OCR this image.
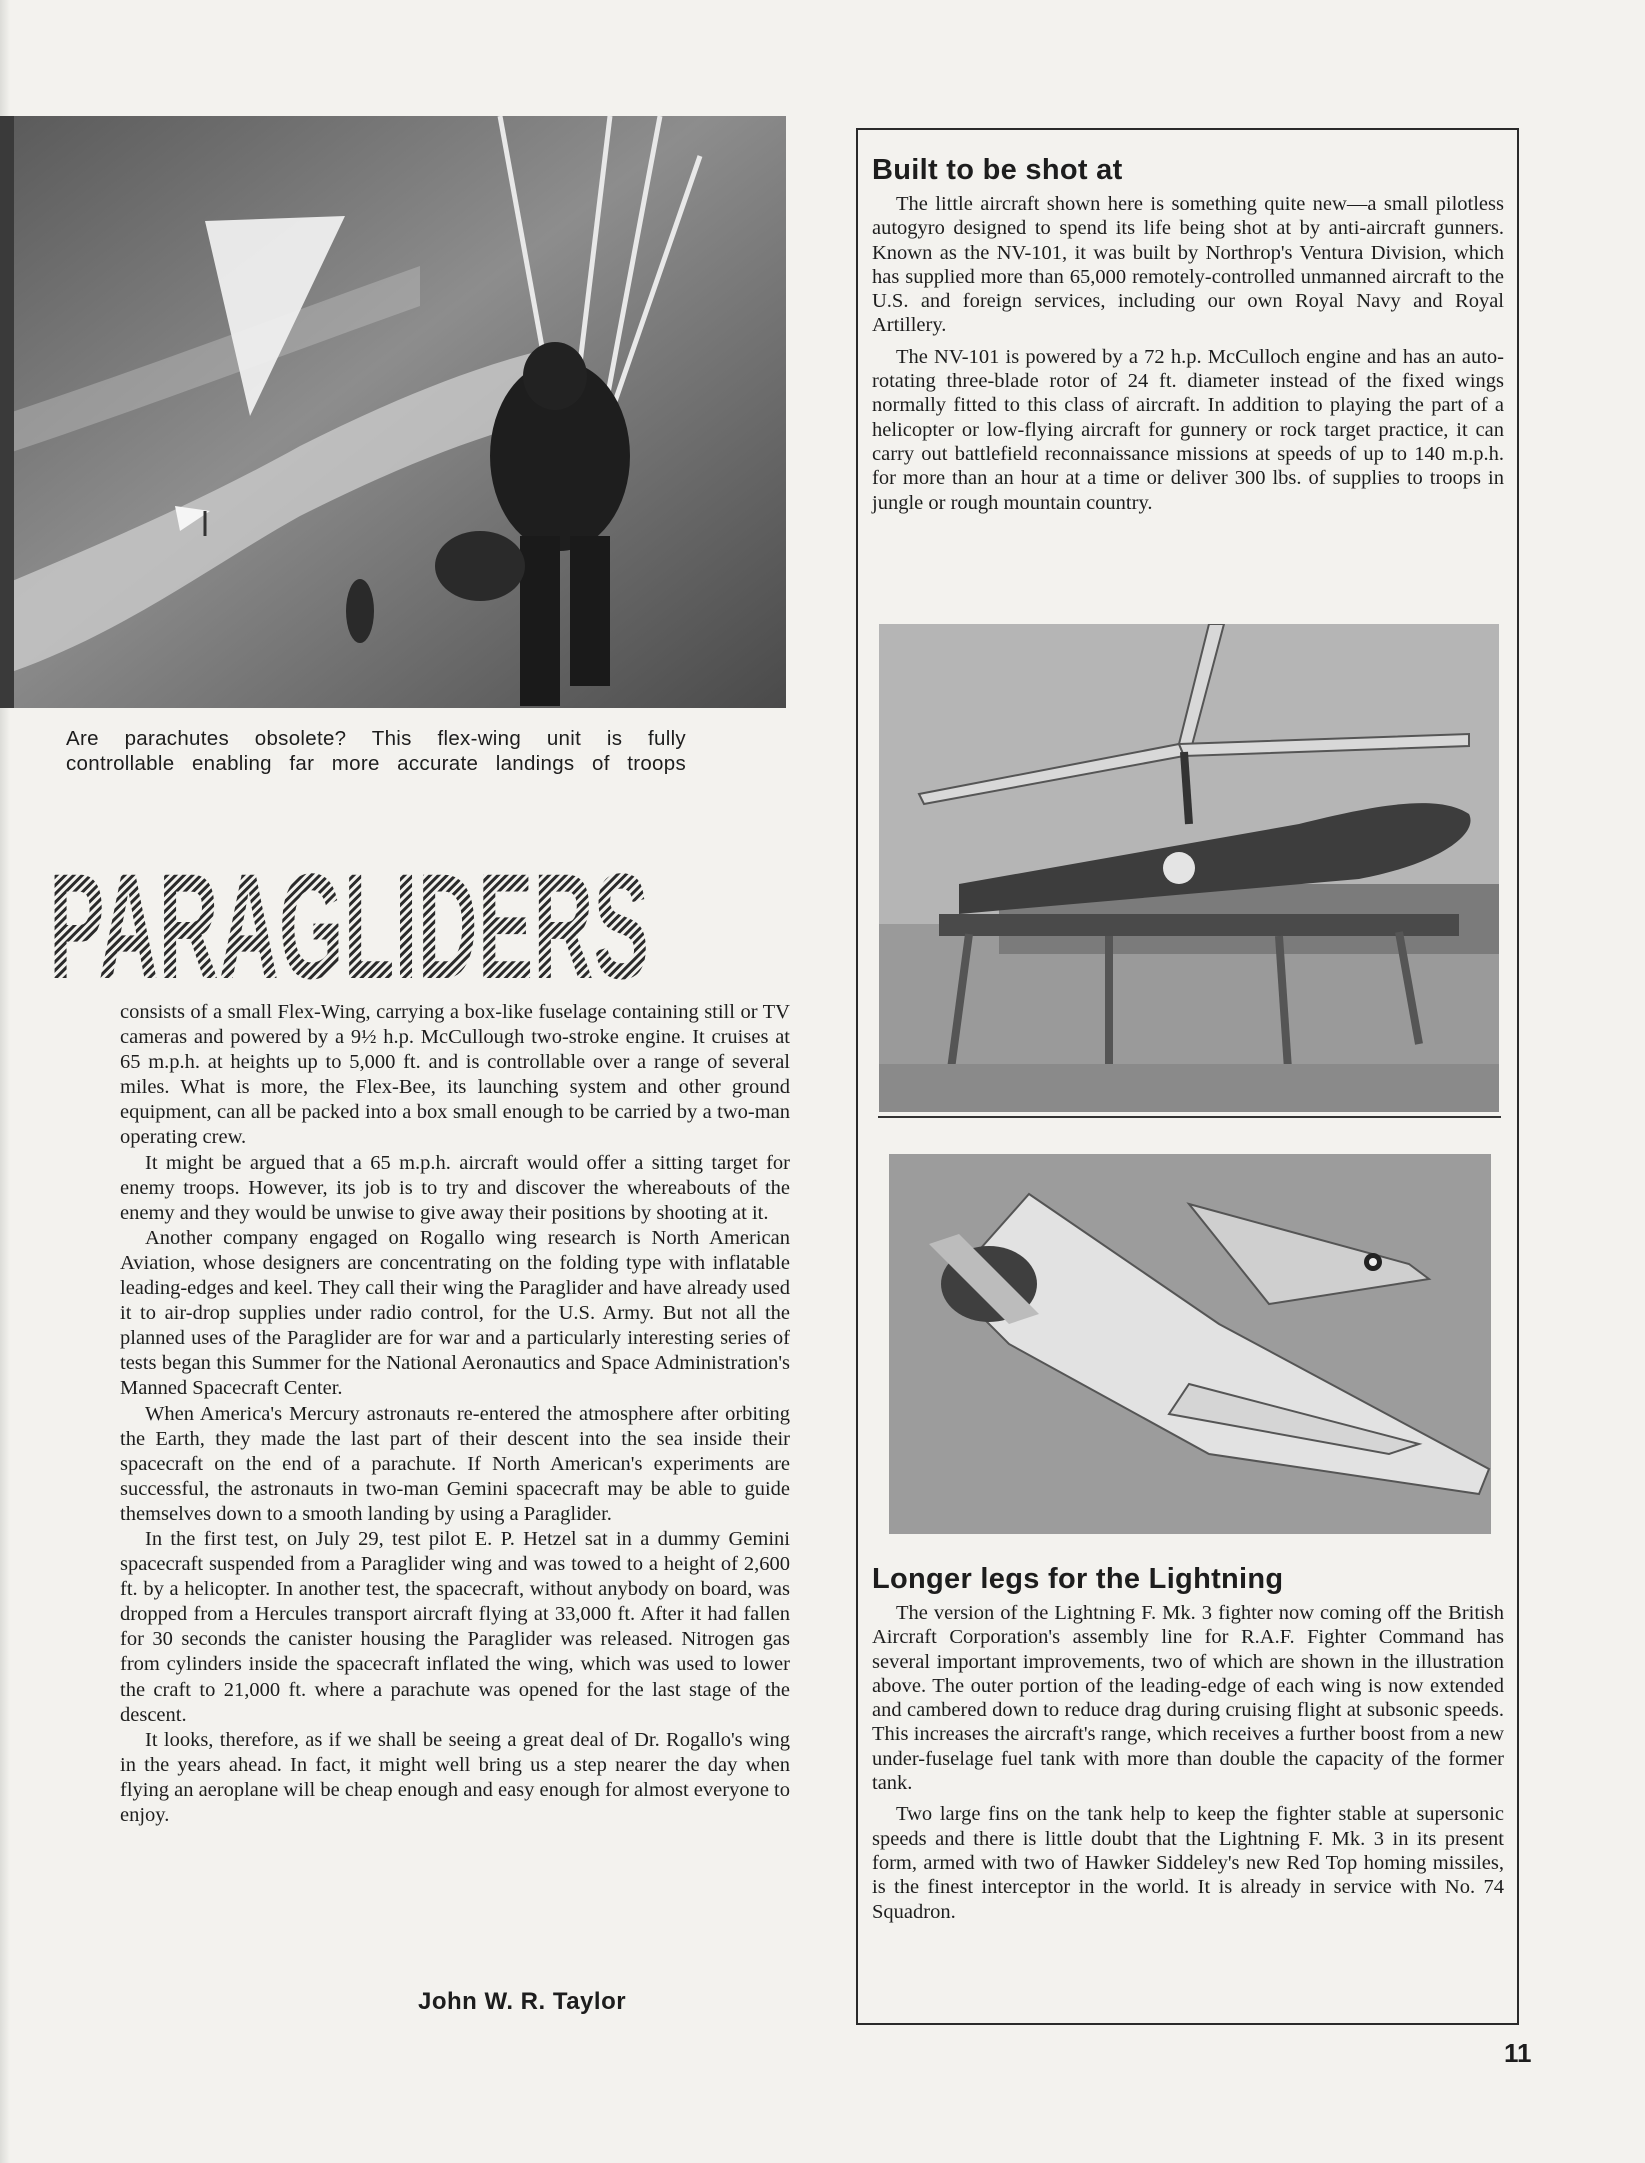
Are parachutes obsolete? This flex-wing unit is fully
controllable enabling far more accurate landings of troops
PARAGLIDERS

consists of a small Flex-Wing, carrying a box-like fuselage containing still or TV cameras and powered by a 9½ h.p. McCullough two-stroke engine. It cruises at 65 m.p.h. at heights up to 5,000 ft. and is controllable over a range of several miles. What is more, the Flex-Bee, its launching system and other ground equipment, can all be packed into a box small enough to be carried by a two-man operating crew.

It might be argued that a 65 m.p.h. aircraft would offer a sitting target for enemy troops. However, its job is to try and discover the whereabouts of the enemy and they would be unwise to give away their positions by shooting at it.

Another company engaged on Rogallo wing research is North American Aviation, whose designers are concentrating on the folding type with inflatable leading-edges and keel. They call their wing the Paraglider and have already used it to air-drop supplies under radio control, for the U.S. Army. But not all the planned uses of the Paraglider are for war and a particularly interesting series of tests began this Summer for the National Aeronautics and Space Administration's Manned Spacecraft Center.

When America's Mercury astronauts re-entered the atmosphere after orbiting the Earth, they made the last part of their descent into the sea inside their spacecraft on the end of a parachute. If North American's experiments are successful, the astronauts in two-man Gemini spacecraft may be able to guide themselves down to a smooth landing by using a Paraglider.

In the first test, on July 29, test pilot E. P. Hetzel sat in a dummy Gemini spacecraft suspended from a Paraglider wing and was towed to a height of 2,600 ft. by a helicopter. In another test, the spacecraft, without anybody on board, was dropped from a Hercules transport aircraft flying at 33,000 ft. After it had fallen for 30 seconds the canister housing the Paraglider was released. Nitrogen gas from cylinders inside the spacecraft inflated the wing, which was used to lower the craft to 21,000 ft. where a parachute was opened for the last stage of the descent.

It looks, therefore, as if we shall be seeing a great deal of Dr. Rogallo's wing in the years ahead. In fact, it might well bring us a step nearer the day when flying an aeroplane will be cheap enough and easy enough for almost everyone to enjoy.

John W. R. Taylor
Built to be shot at

The little aircraft shown here is something quite new—a small pilotless autogyro designed to spend its life being shot at by anti-aircraft gunners. Known as the NV-101, it was built by Northrop's Ventura Division, which has supplied more than 65,000 remotely-controlled unmanned aircraft to the U.S. and foreign services, including our own Royal Navy and Royal Artillery.

The NV-101 is powered by a 72 h.p. McCulloch engine and has an auto-rotating three-blade rotor of 24 ft. diameter instead of the fixed wings normally fitted to this class of aircraft. In addition to playing the part of a helicopter or low-flying aircraft for gunnery or rock target practice, it can carry out battlefield reconnaissance missions at speeds of up to 140 m.p.h. for more than an hour at a time or deliver 300 lbs. of supplies to troops in jungle or rough mountain country.

Longer legs for the Lightning

The version of the Lightning F. Mk. 3 fighter now coming off the British Aircraft Corporation's assembly line for R.A.F. Fighter Command has several important improvements, two of which are shown in the illustration above. The outer portion of the leading-edge of each wing is now extended and cambered down to reduce drag during cruising flight at subsonic speeds. This increases the aircraft's range, which receives a further boost from a new under-fuselage fuel tank with more than double the capacity of the former tank.

Two large fins on the tank help to keep the fighter stable at supersonic speeds and there is little doubt that the Lightning F. Mk. 3 in its present form, armed with two of Hawker Siddeley's new Red Top homing missiles, is the finest interceptor in the world. It is already in service with No. 74 Squadron.

11
